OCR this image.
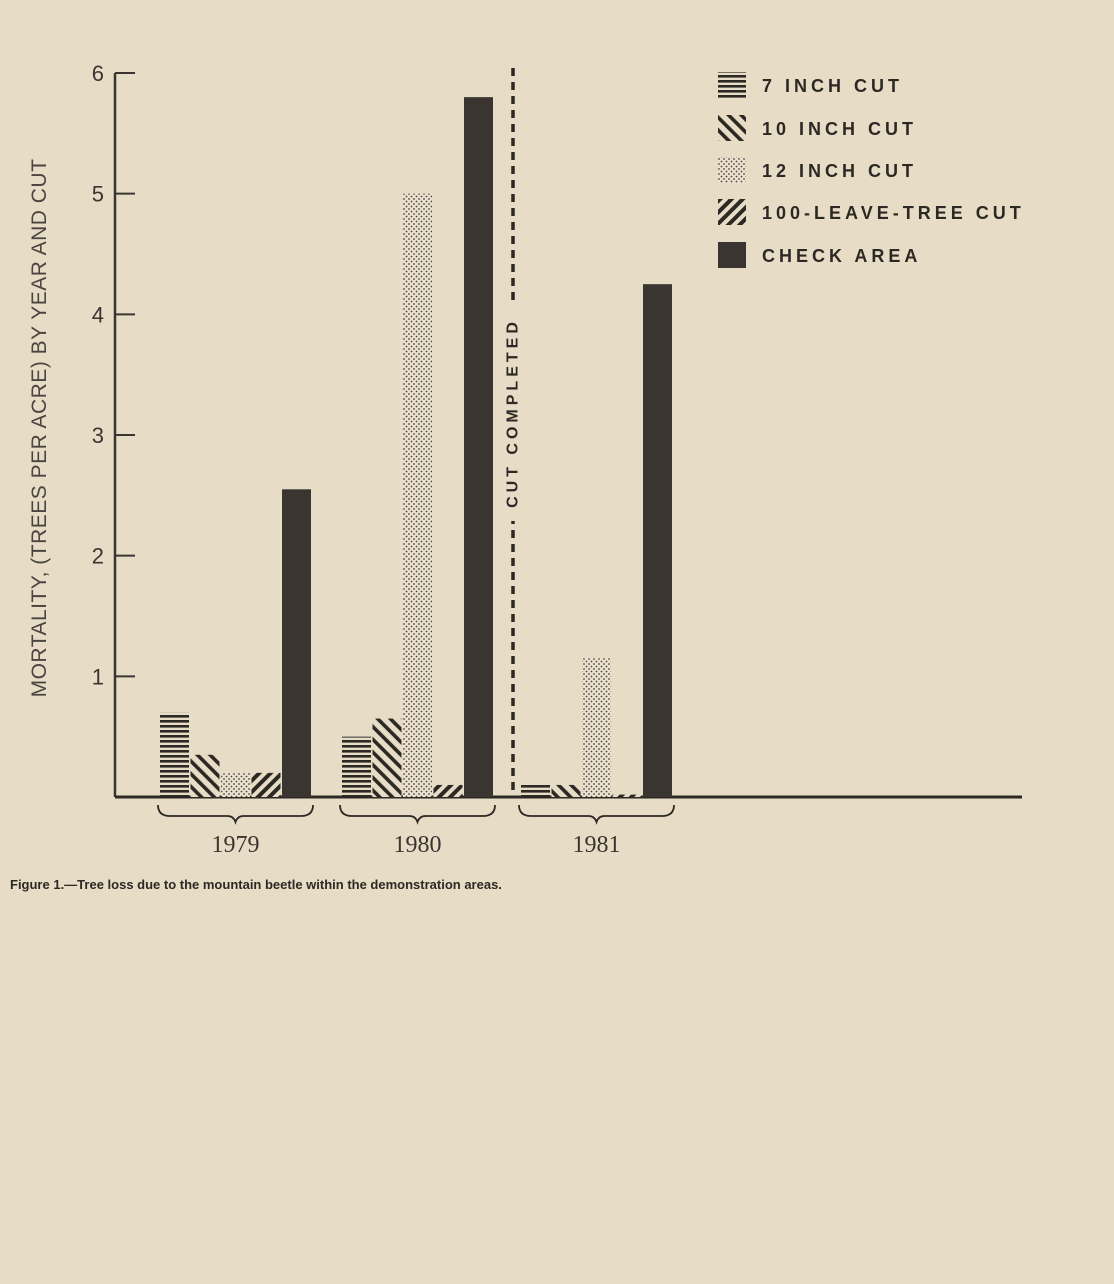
1
2
3
4
5
6
1979	1980	1981
CUT COMPLETED
7 INCH CUT
10 INCH CUT
12 INCH CUT
100-LEAVE-TREE CUT
CHECK AREA
MORTALITY, (TREES PER ACRE) BY YEAR AND CUT
Figure 1.—Tree loss due to the mountain beetle within the demonstration areas.
